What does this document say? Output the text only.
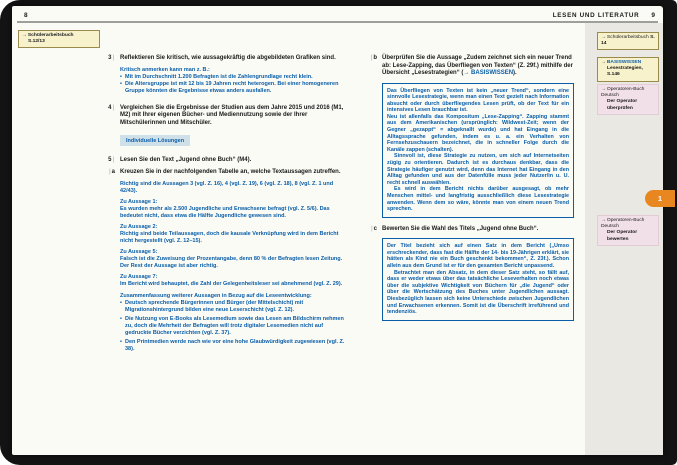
8	LESEN UND LITERATUR 9
→Schülerarbeitsbuch
S.12/13
→Schülerarbeitsbuch S. 14
→BASISWISSEN
Lesestrategien, S.146
→Operatoren-Buch Deutsch
Der Operator überprüfen
→Operatoren-Buch Deutsch
Der Operator bewerten
1
3|	Reflektieren Sie kritisch, wie aussagekräftig die abgebildeten Grafiken sind.

Kritisch anmerken kann man z. B.:

• Mit im Durchschnitt 1.200 Befragten ist die Zahlengrundlage recht klein.
• Die Altersgruppe ist mit 12 bis 19 Jahren recht heterogen. Bei einer homogeneren Gruppe könnten die Ergebnisse etwas anders ausfallen.
4|	Vergleichen Sie die Ergebnisse der Studien aus dem Jahre 2015 und 2016 (M1, M2) mit Ihrer eigenen Bücher- und Mediennutzung sowie der Ihrer Mitschülerinnen und Mitschüler.

Individuelle Lösungen
5|	Lesen Sie den Text „Jugend ohne Buch“ (M4).

|a Kreuzen Sie in der nachfolgenden Tabelle an, welche Textaussagen zutreffen.

Richtig sind die Aussagen 3 (vgl. Z. 16), 4 (vgl. Z. 19), 6 (vgl. Z. 18), 8 (vgl. Z. 1 und 42/43).

Zu Aussage 1:

Es wurden mehr als 2.500 Jugendliche und Erwachsene befragt (vgl. Z. 5/6). Das bedeutet nicht, dass etwa die Hälfte Jugendliche gewesen sind.

Zu Aussage 2:

Richtig sind beide Teilaussagen, doch die kausale Verknüpfung wird in dem Bericht nicht hergestellt (vgl. Z. 12–15).

Zu Aussage 5:

Falsch ist die Zuweisung der Prozentangabe, denn 80 % der Befragten lesen Zeitung. Der Rest der Aussage ist aber richtig.

Zu Aussage 7:

Im Bericht wird behauptet, die Zahl der Gelegenheitsleser sei abnehmend (vgl. Z. 29).

Zusammenfassung weiterer Aussagen in Bezug auf die Leseentwicklung:

• Deutsch sprechende Bürgerinnen und Bürger (der Mittelschicht) mit Migrationshintergrund bilden eine neue Leserschicht (vgl. Z. 12).
• Die Nutzung von E-Books als Lesemedium sowie das Lesen am Bildschirm nehmen zu, doch die Mehrheit der Befragten will trotz digitaler Lesemedien nicht auf gedruckte Bücher verzichten (vgl. Z. 37).
• Den Printmedien werde nach wie vor eine hohe Glaubwürdigkeit zugewiesen (vgl. Z. 38).
|b Überprüfen Sie die Aussage „Zudem zeichnet sich ein neuer Trend ab: Lese-Zapping, das Überfliegen von Texten“ (Z. 29f.) mithilfe der Übersicht „Lesestrategien“ (→ BASISWISSEN).

Das Überfliegen von Texten ist kein „neuer Trend“, sondern eine sinnvolle Lesestrategie, wenn man einen Text gezielt nach Information absucht oder durch überfliegendes Lesen prüft, ob der Text für ein intensives Lesen brauchbar ist.

Neu ist allenfalls das Kompositum „Lese-Zapping“. Zapping stammt aus dem Amerikanischen (ursprünglich: Wildwest-Zeit; wenn der Gegner „gezappt“ = abgeknallt wurde) und hat Eingang in die Alltagssprache gefunden, indem es u. a. ein Verhalten von Fernsehzuschauern bezeichnet, die in schneller Folge durch die Kanäle zappen (schalten).

Sinnvoll ist, diese Strategie zu nutzen, um sich auf Internetseiten zügig zu orientieren. Dadurch ist es durchaus denkbar, dass die Strategie häufiger genutzt wird, denn das Internet hat Eingang in den Alltag gefunden und aus der Datenfülle muss jeder Nutzer/in u. U. recht schnell auswählen.

Es wird in dem Bericht nichts darüber ausgesagt, ob mehr Menschen mittel- und langfristig ausschließlich diese Lesestrategie anwenden. Wenn dem so wäre, könnte man von einem neuen Trend sprechen.

|c Bewerten Sie die Wahl des Titels „Jugend ohne Buch“.

Der Titel bezieht sich auf einen Satz in dem Bericht („Umso erschreckender, dass fast die Hälfte der 14- bis 19-Jährigen erklärt, sie hätten als Kind nie ein Buch geschenkt bekommen“, Z. 23f.). Schon allein aus dem Grund ist er für den gesamten Bericht unpassend.

Betrachtet man den Absatz, in dem dieser Satz steht, so fällt auf, dass er weder etwas über das tatsächliche Leseverhalten noch etwas über die subjektive Wichtigkeit von Büchern für „die Jugend“ oder über die Wertschätzung des Buches unter Jugendlichen aussagt. Diesbezüglich lassen sich keine Unterschiede zwischen Jugendlichen und Erwachsenen erkennen. Somit ist die Überschrift irreführend und tendenziös.
